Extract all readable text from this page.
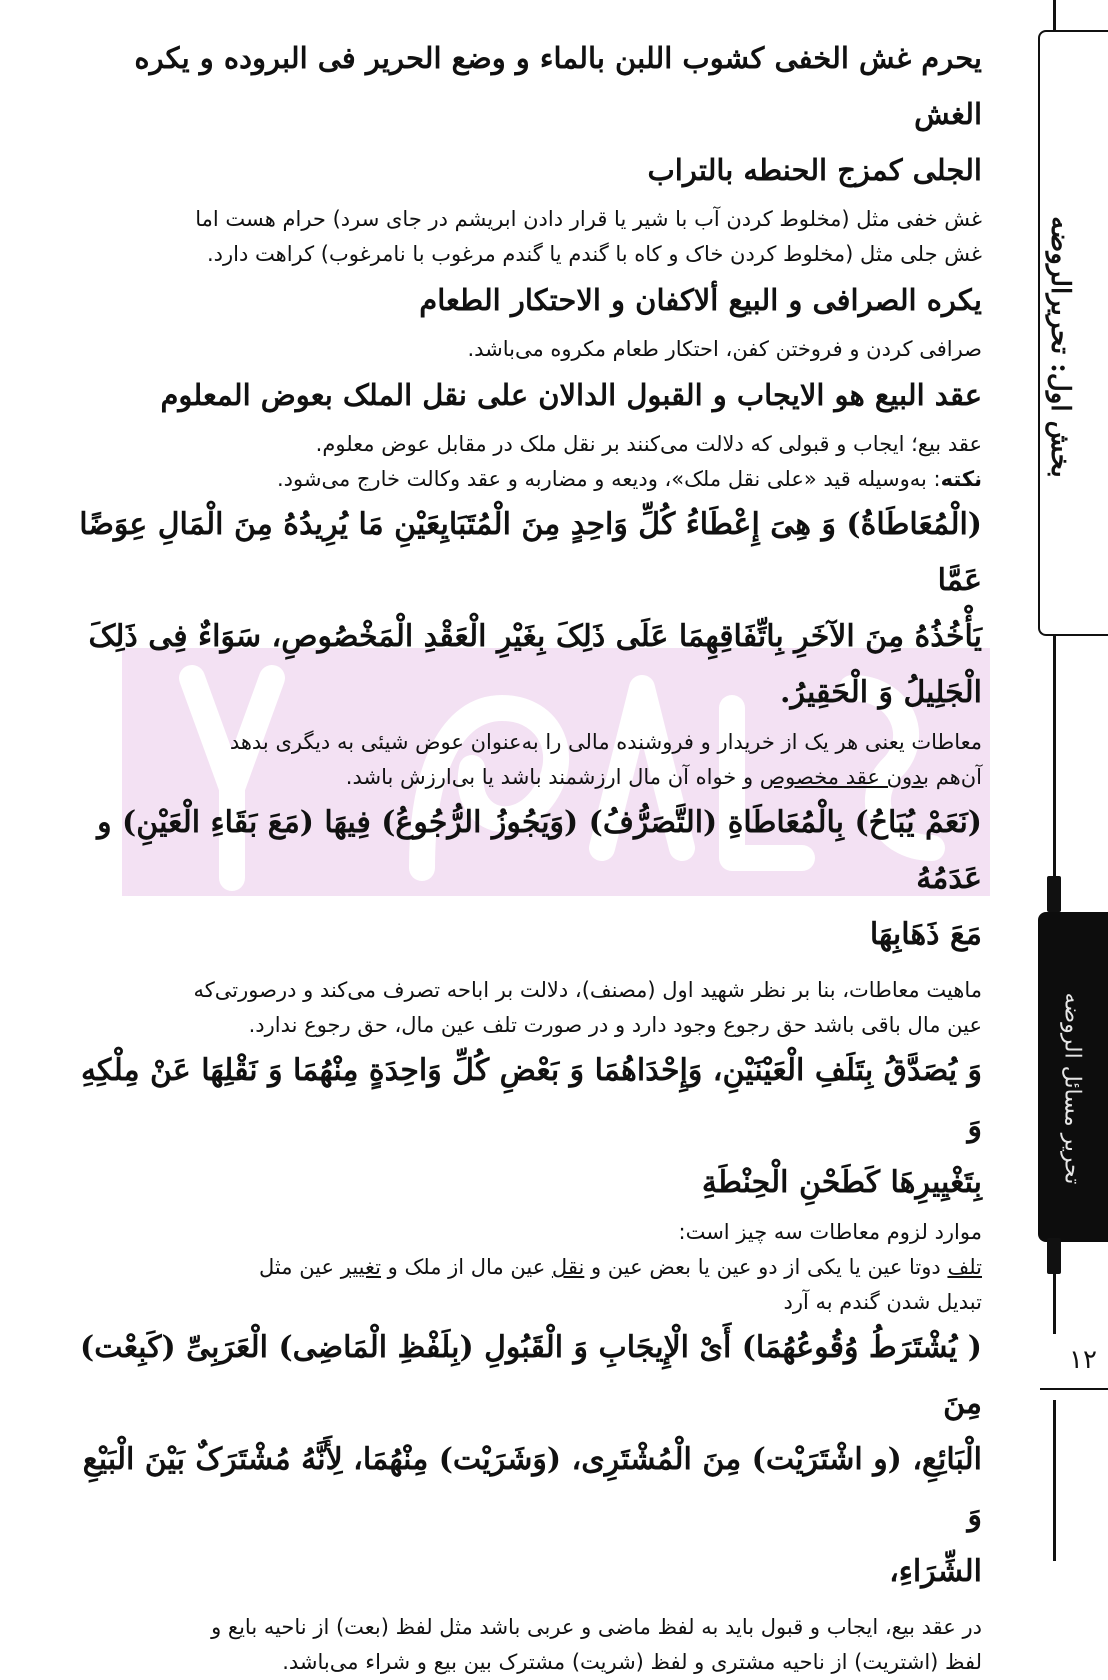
بخش اول: تحریرالروضه
تحریر مسائل الروضه
۱۲

یحرم غش الخفی کشوب اللبن بالماء و وضع الحریر فی البروده و یکره الغش

الجلی کمزج الحنطه بالتراب

غش خفی مثل (مخلوط کردن آب با شیر یا قرار دادن ابریشم در جای سرد) حرام هست اما

غش جلی مثل (مخلوط کردن خاک و کاه با گندم یا گندم مرغوب با نامرغوب) کراهت دارد.

یکره الصرافی و البیع ألاکفان و الاحتکار الطعام

صرافی کردن و فروختن کفن، احتکار طعام مکروه می‌باشد.

عقد البیع هو الایجاب و القبول الدالان علی نقل الملک بعوض المعلوم

عقد بیع؛ ایجاب و قبولی که دلالت می‌کنند بر نقل ملک در مقابل عوض معلوم.

نکته: به‌وسیله قید «علی نقل ملک»، ودیعه و مضاربه و عقد وکالت خارج می‌شود.

(الْمُعَاطَاةُ) وَ هِیَ إِعْطَاءُ کُلِّ وَاحِدٍ مِنَ الْمُتَبَایِعَیْنِ مَا یُرِیدُهُ مِنَ الْمَالِ عِوَضًا عَمَّا

یَأْخُذُهُ مِنَ الآخَرِ بِاتِّفَاقِهِمَا عَلَى ذَلِکَ بِغَیْرِ الْعَقْدِ الْمَخْصُوصِ، سَوَاءٌ فِی ذَلِکَ

الْجَلِیلُ وَ الْحَقِیرُ.

معاطات یعنی هر یک از خریدار و فروشنده مالی را به‌عنوان عوض شیئی به دیگری بدهد

آن‌هم بدون عقد مخصوص و خواه آن مال ارزشمند باشد یا بی‌ارزش باشد.

(نَعَمْ یُبَاحُ) بِالْمُعَاطَاةِ (التَّصَرُّفُ) (وَیَجُوزُ الرُّجُوعُ) فِیهَا (مَعَ بَقَاءِ الْعَیْنِ) و عَدَمُهُ

مَعَ ذَهَابِهَا

ماهیت معاطات، بنا بر نظر شهید اول (مصنف)، دلالت بر اباحه تصرف می‌کند و درصورتی‌که

عین مال باقی باشد حق رجوع وجود دارد و در صورت تلف عین مال، حق رجوع ندارد.

وَ یُصَدَّقُ بِتَلَفِ الْعَیْنَیْنِ، وَإِحْدَاهُمَا وَ بَعْضِ کُلِّ وَاحِدَةٍ مِنْهُمَا وَ نَقْلِهَا عَنْ مِلْکِهِ وَ

بِتَغْیِیرِهَا کَطَحْنِ الْحِنْطَةِ

موارد لزوم معاطات سه چیز است:

تلف دوتا عین یا یکی از دو عین یا بعض عین و نقل عین مال از ملک و تغییر عین مثل

تبدیل شدن گندم به آرد

( یُشْتَرَطُ وُقُوعُهُمَا) أَیْ الْإِیجَابِ وَ الْقَبُولِ (بِلَفْظِ الْمَاضِی) الْعَرَبِیِّ (کَبِعْت) مِنَ

الْبَائِعِ، (و اشْتَرَیْت) مِنَ الْمُشْتَرِی، (وَشَرَیْت) مِنْهُمَا، لِأَنَّهُ مُشْتَرَکٌ بَیْنَ الْبَیْعِ وَ

الشِّرَاءِ،

در عقد بیع، ایجاب و قبول باید به لفظ ماضی و عربی باشد مثل لفظ (بعت) از ناحیه بایع و

لفظ (اشتریت) از ناحیه مشتری و لفظ (شریت) مشترک بین بیع و شراء می‌باشد.
